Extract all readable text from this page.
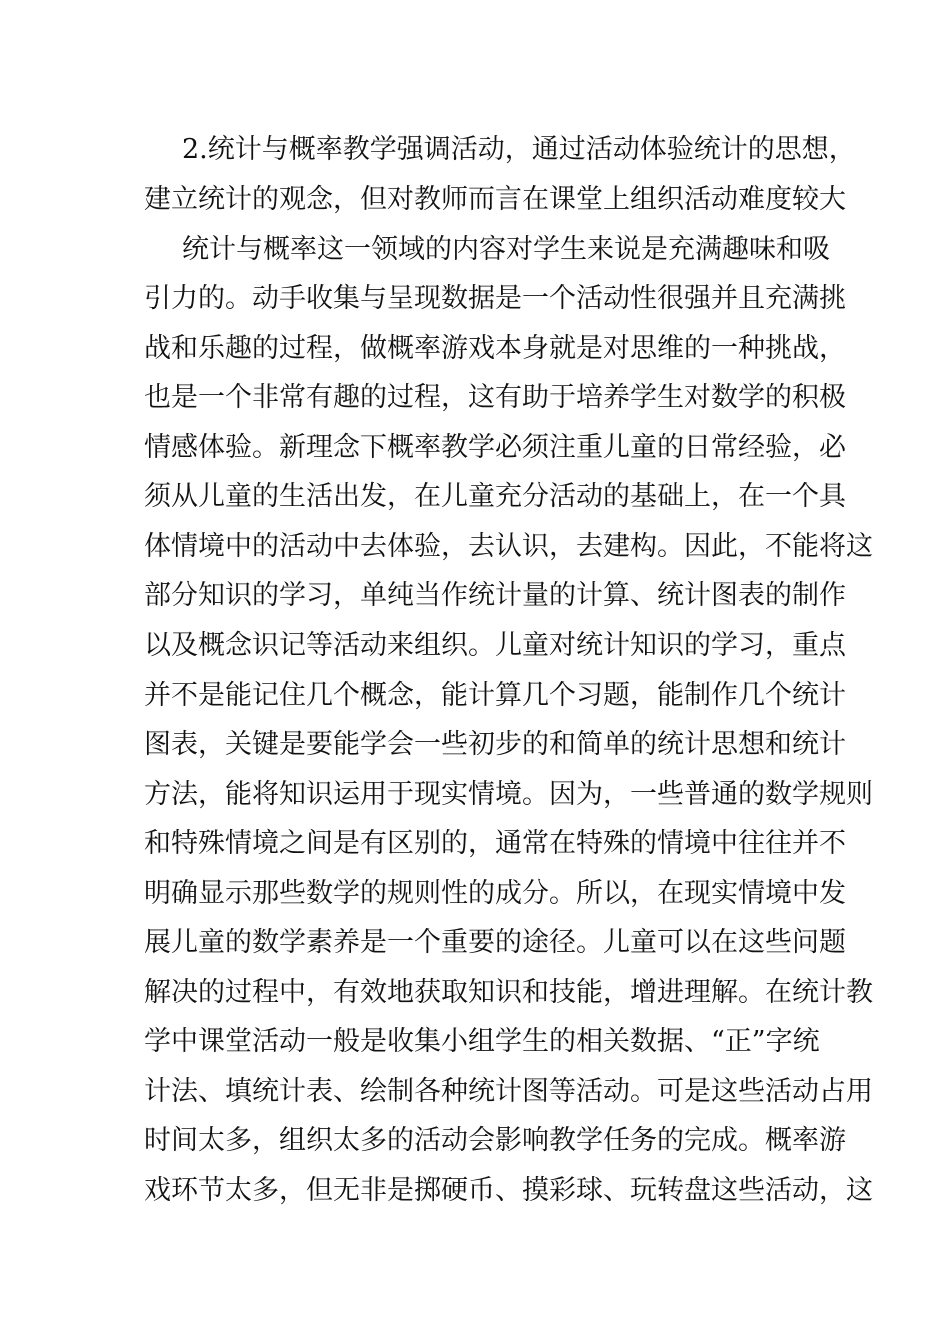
2.统计与概率教学强调活动，通过活动体验统计的思想，
建立统计的观念，但对教师而言在课堂上组织活动难度较大
统计与概率这一领域的内容对学生来说是充满趣味和吸
引力的。动手收集与呈现数据是一个活动性很强并且充满挑
战和乐趣的过程，做概率游戏本身就是对思维的一种挑战，
也是一个非常有趣的过程，这有助于培养学生对数学的积极
情感体验。新理念下概率教学必须注重儿童的日常经验，必
须从儿童的生活出发，在儿童充分活动的基础上，在一个具
体情境中的活动中去体验，去认识，去建构。因此，不能将这
部分知识的学习，单纯当作统计量的计算、统计图表的制作
以及概念识记等活动来组织。儿童对统计知识的学习，重点
并不是能记住几个概念，能计算几个习题，能制作几个统计
图表，关键是要能学会一些初步的和简单的统计思想和统计
方法，能将知识运用于现实情境。因为，一些普通的数学规则
和特殊情境之间是有区别的，通常在特殊的情境中往往并不
明确显示那些数学的规则性的成分。所以，在现实情境中发
展儿童的数学素养是一个重要的途径。儿童可以在这些问题
解决的过程中，有效地获取知识和技能，增进理解。在统计教
学中课堂活动一般是收集小组学生的相关数据、“正”字统
计法、填统计表、绘制各种统计图等活动。可是这些活动占用
时间太多，组织太多的活动会影响教学任务的完成。概率游
戏环节太多，但无非是掷硬币、摸彩球、玩转盘这些活动，这
